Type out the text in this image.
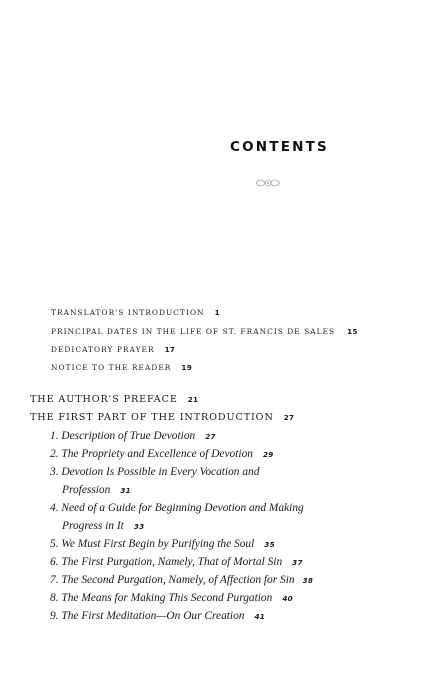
CONTENTS
TRANSLATOR'S INTRODUCTION 1
PRINCIPAL DATES IN THE LIFE OF ST. FRANCIS DE SALES 15
DEDICATORY PRAYER 17
NOTICE TO THE READER 19
THE AUTHOR'S PREFACE 21
THE FIRST PART OF THE INTRODUCTION 27
1. Description of True Devotion 27
2. The Propriety and Excellence of Devotion 29
3. Devotion Is Possible in Every Vocation and
Profession 31
4. Need of a Guide for Beginning Devotion and Making
Progress in It 33
5. We Must First Begin by Purifying the Soul 35
6. The First Purgation, Namely, That of Mortal Sin 37
7. The Second Purgation, Namely, of Affection for Sin 38
8. The Means for Making This Second Purgation 40
9. The First Meditation—On Our Creation 41
